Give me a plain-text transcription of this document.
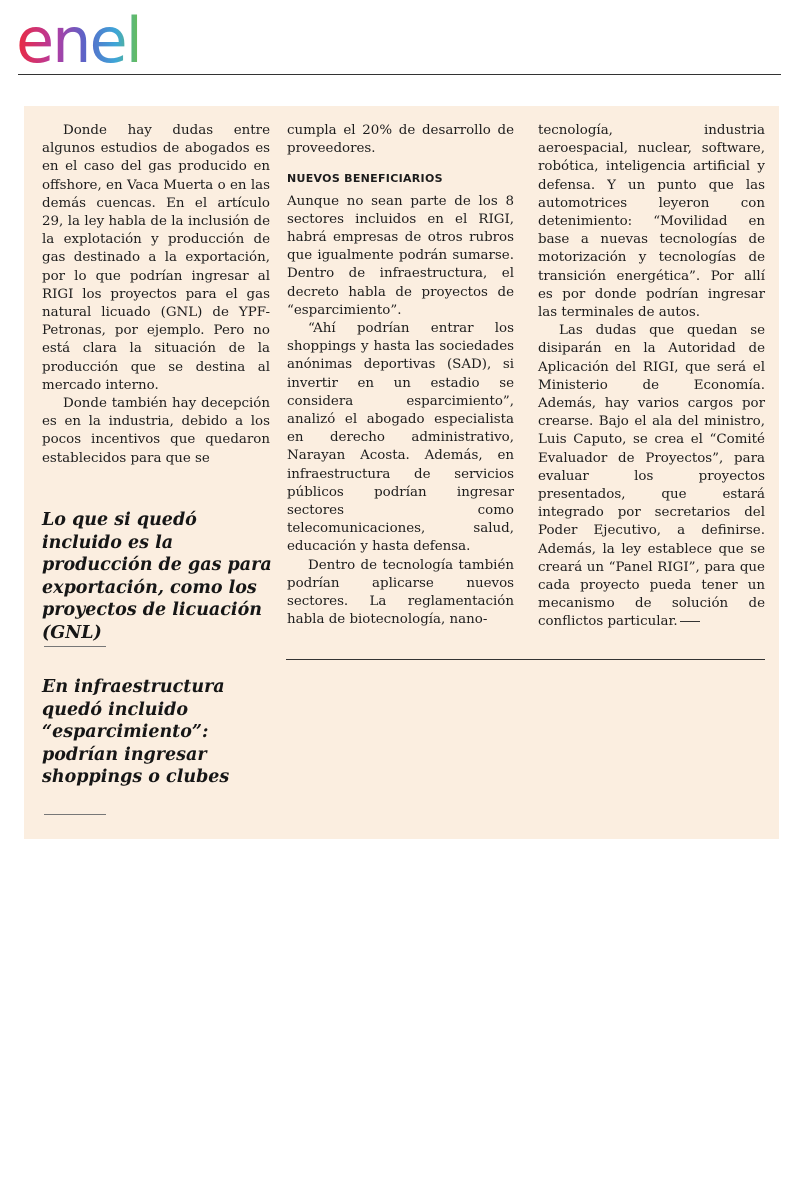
enel

Donde hay dudas entre algunos estudios de abogados es en el caso del gas producido en offshore, en Vaca Muerta o en las demás cuencas. En el artículo 29, la ley habla de la inclusión de la explotación y producción de gas destinado a la exportación, por lo que podrían ingresar al RIGI los proyectos para el gas natural licuado (GNL) de YPF-Petronas, por ejemplo. Pero no está clara la situación de la producción que se destina al mercado interno.

Donde también hay decepción es en la industria, debido a los pocos incentivos que quedaron establecidos para que se

Lo que si quedó incluido es la producción de gas para exportación, como los proyectos de licuación (GNL)
En infraestructura quedó incluido “esparcimiento”: podrían ingresar shoppings o clubes

cumpla el 20% de desarrollo de proveedores.

NUEVOS BENEFICIARIOS

Aunque no sean parte de los 8 sectores incluidos en el RIGI, habrá empresas de otros rubros que igualmente podrán sumarse. Dentro de infraestructura, el decreto habla de proyectos de “esparcimiento”.

“Ahí podrían entrar los shoppings y hasta las sociedades anónimas deportivas (SAD), si invertir en un estadio se considera esparcimiento”, analizó el abogado especialista en derecho administrativo, Narayan Acosta. Además, en infraestructura de servicios públicos podrían ingresar sectores como telecomunicaciones, salud, educación y hasta defensa.

Dentro de tecnología también podrían aplicarse nuevos sectores. La reglamentación habla de biotecnología, nano-

tecnología, industria aeroespacial, nuclear, software, robótica, inteligencia artificial y defensa. Y un punto que las automotrices leyeron con detenimiento: “Movilidad en base a nuevas tecnologías de motorización y tecnologías de transición energética”. Por allí es por donde podrían ingresar las terminales de autos.

Las dudas que quedan se disiparán en la Autoridad de Aplicación del RIGI, que será el Ministerio de Economía. Además, hay varios cargos por crearse. Bajo el ala del ministro, Luis Caputo, se crea el “Comité Evaluador de Proyectos”, para evaluar los proyectos presentados, que estará integrado por secretarios del Poder Ejecutivo, a definirse. Además, la ley establece que se creará un “Panel RIGI”, para que cada proyecto pueda tener un mecanismo de solución de conflictos particular.
